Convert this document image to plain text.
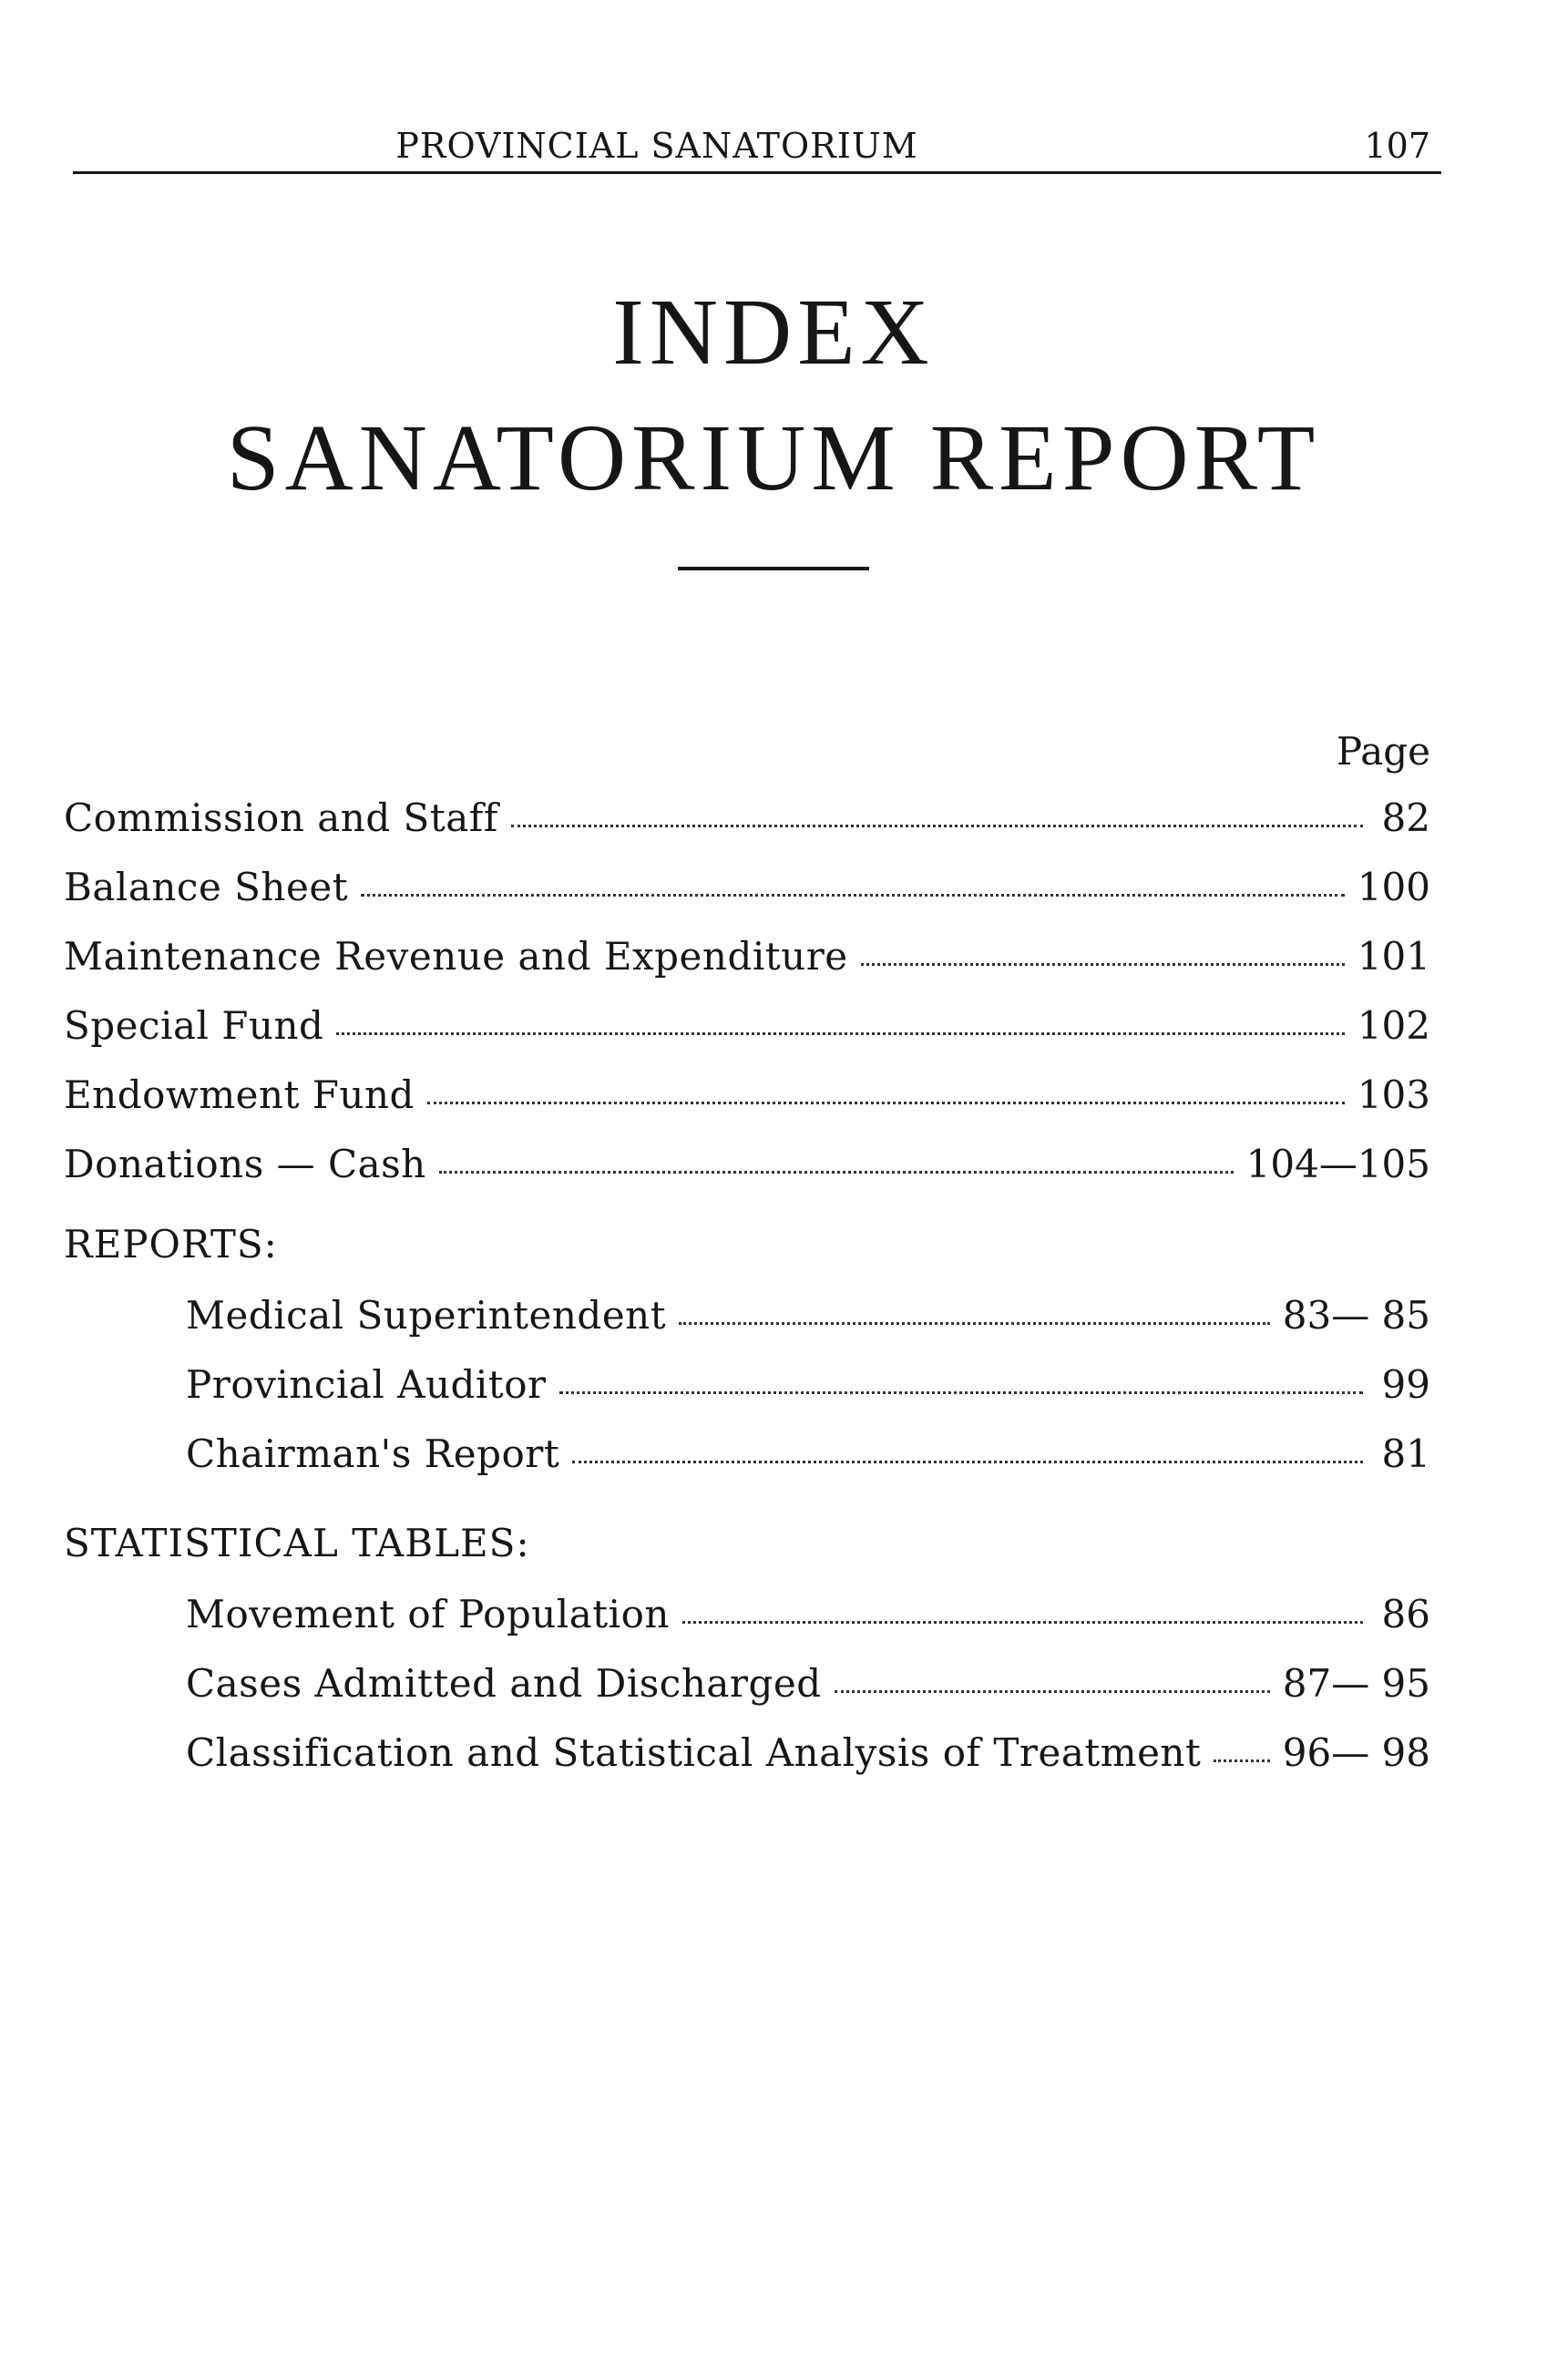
PROVINCIAL SANATORIUM	107
INDEX
SANATORIUM REPORT
Page
Commission and Staff	82
Balance Sheet	100
Maintenance Revenue and Expenditure	101
Special Fund	102
Endowment Fund	103
Donations — Cash	104—105
REPORTS:
Medical Superintendent	83— 85
Provincial Auditor	99
Chairman's Report	81
STATISTICAL TABLES:
Movement of Population	86
Cases Admitted and Discharged	87— 95
Classification and Statistical Analysis of Treatment 96— 98
